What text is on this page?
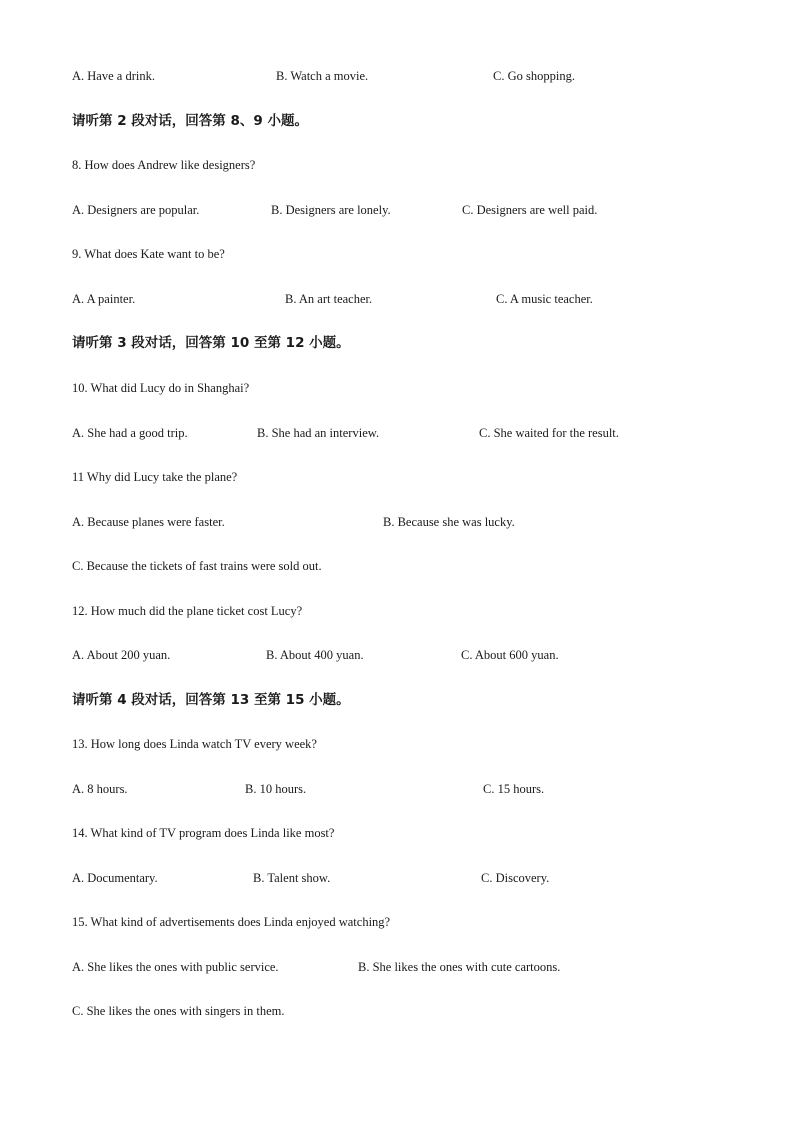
A. Have a drink.	B. Watch a movie.	C. Go shopping.
请听第 2 段对话，回答第 8、9 小题。
8. How does Andrew like designers?
A. Designers are popular.	B. Designers are lonely.	C. Designers are well paid.
9. What does Kate want to be?
A. A painter.	B. An art teacher.	C. A music teacher.
请听第 3 段对话，回答第 10 至第 12 小题。
10. What did Lucy do in Shanghai?
A. She had a good trip.	B. She had an interview.	C. She waited for the result.
11 Why did Lucy take the plane?
A. Because planes were faster.	B. Because she was lucky.
C. Because the tickets of fast trains were sold out.
12. How much did the plane ticket cost Lucy?
A. About 200 yuan.	B. About 400 yuan.	C. About 600 yuan.
请听第 4 段对话，回答第 13 至第 15 小题。
13. How long does Linda watch TV every week?
A. 8 hours.	B. 10 hours.	C. 15 hours.
14. What kind of TV program does Linda like most?
A. Documentary.	B. Talent show.	C. Discovery.
15. What kind of advertisements does Linda enjoyed watching?
A. She likes the ones with public service.	B. She likes the ones with cute cartoons.
C. She likes the ones with singers in them.
